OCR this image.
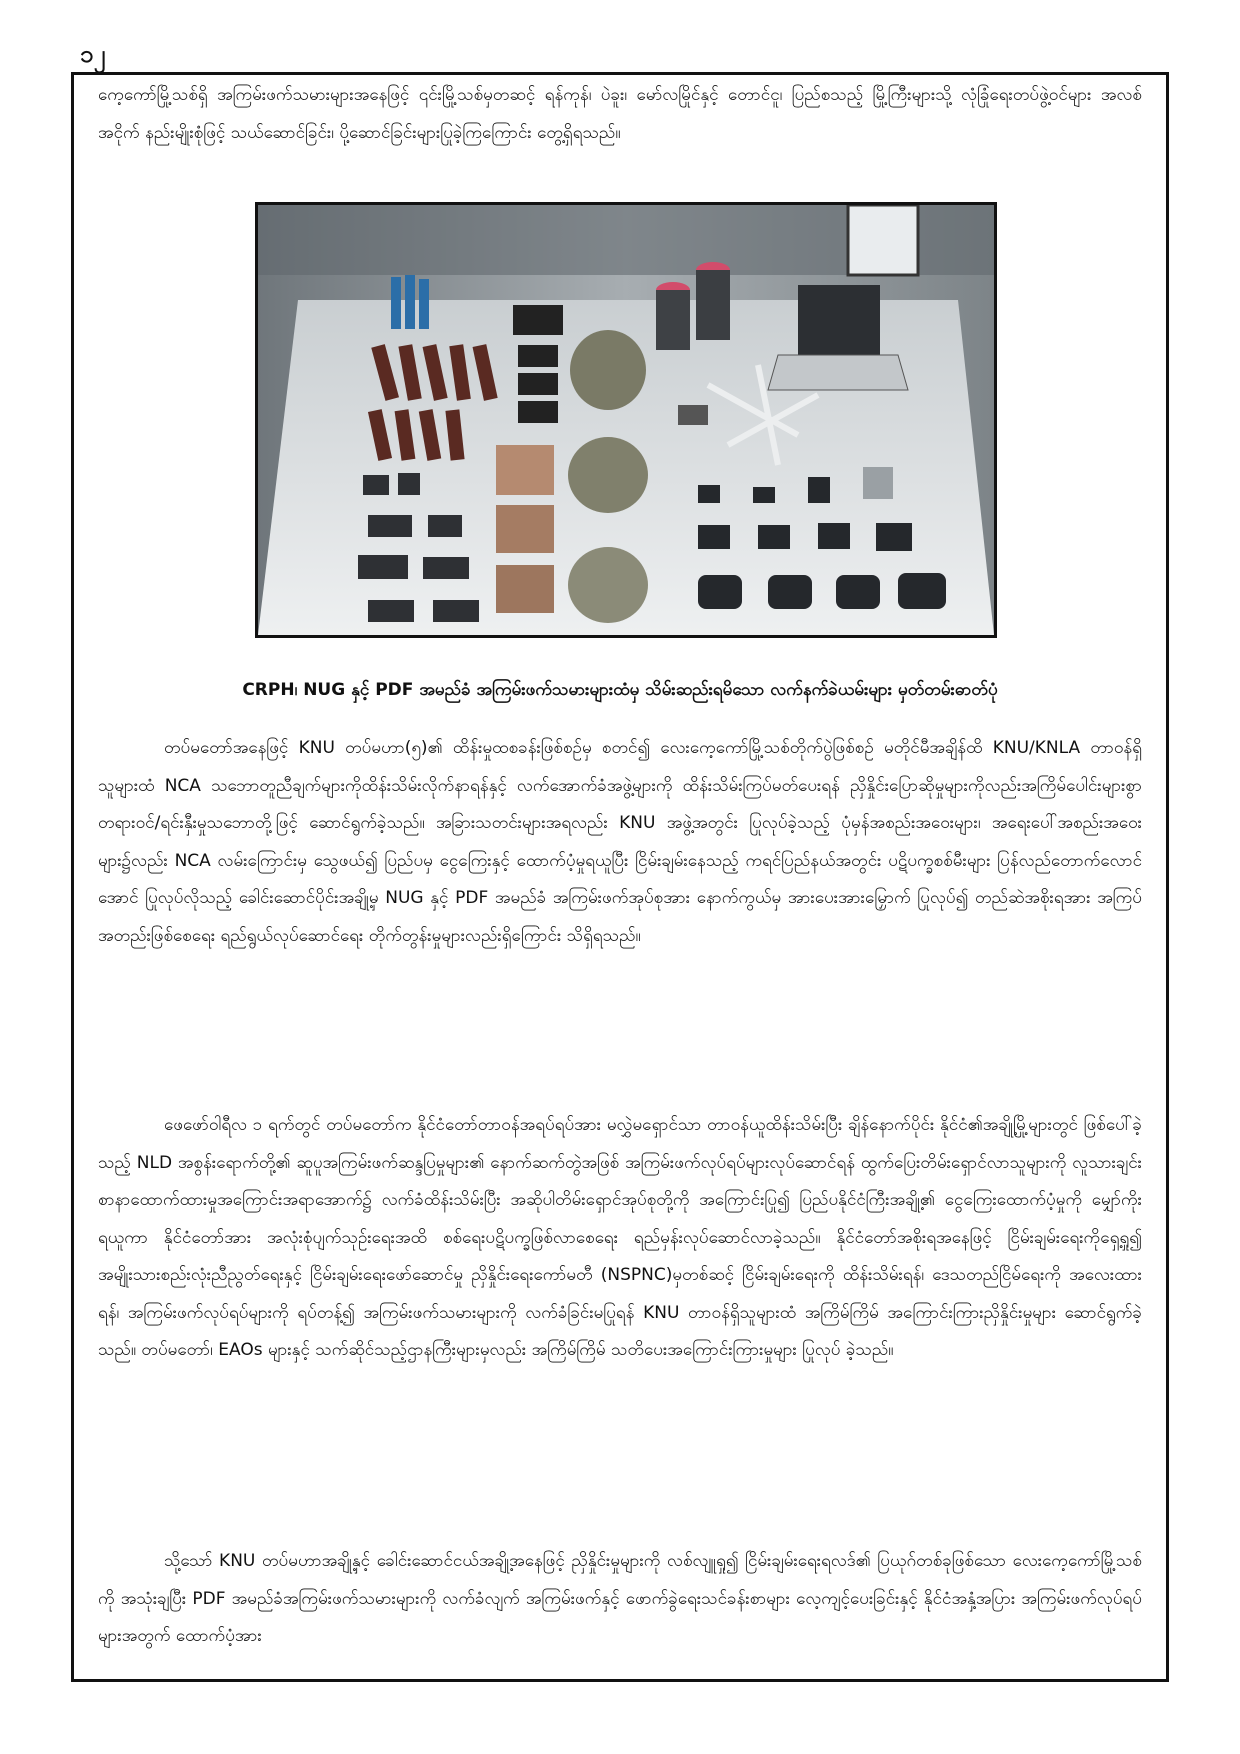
၁၂

ကေ့ကော်မြို့သစ်ရှိ အကြမ်းဖက်သမားများအနေဖြင့် ၎င်းမြို့သစ်မှတဆင့် ရန်ကုန်၊ ပဲခူး၊ မော်လမြိုင်နှင့် တောင်ငူ၊ ပြည်စသည့် မြို့ကြီးများသို့ လုံခြုံရေးတပ်ဖွဲ့ဝင်များ အလစ်အငိုက် နည်းမျိုးစုံဖြင့် သယ်ဆောင်ခြင်း၊ ပို့ဆောင်ခြင်းများပြုခဲ့ကြကြောင်း တွေ့ရှိရသည်။

CRPH၊ NUG နှင့် PDF အမည်ခံ အကြမ်းဖက်သမားများထံမှ သိမ်းဆည်းရမိသော လက်နက်ခဲယမ်းများ မှတ်တမ်းဓာတ်ပုံ

တပ်မတော်အနေဖြင့် KNU တပ်မဟာ(၅)၏ ထိန်းမှုထစခန်းဖြစ်စဉ်မှ စတင်၍ လေးကေ့ကော်မြို့သစ်တိုက်ပွဲဖြစ်စဉ် မတိုင်မီအချိန်ထိ KNU/KNLA တာဝန်ရှိသူများထံ NCA သဘောတူညီချက်များကိုထိန်းသိမ်းလိုက်နာရန်နှင့် လက်အောက်ခံအဖွဲ့များကို ထိန်းသိမ်းကြပ်မတ်ပေးရန် ညှိနှိုင်းပြောဆိုမှုများကိုလည်းအကြိမ်ပေါင်းများစွာ တရားဝင်/ရင်းနှီးမှုသဘောတို့ဖြင့် ဆောင်ရွက်ခဲ့သည်။ အခြားသတင်းများအရလည်း KNU အဖွဲ့အတွင်း ပြုလုပ်ခဲ့သည့် ပုံမှန်အစည်းအဝေးများ၊ အရေးပေါ်အစည်းအဝေးများ၌လည်း NCA လမ်းကြောင်းမှ သွေဖယ်၍ ပြည်ပမှ ငွေကြေးနှင့် ထောက်ပံ့မှုရယူပြီး ငြိမ်းချမ်းနေသည့် ကရင်ပြည်နယ်အတွင်း ပဋိပက္ခစစ်မီးများ ပြန်လည်တောက်လောင်အောင် ပြုလုပ်လိုသည့် ခေါင်းဆောင်ပိုင်းအချို့မှ NUG နှင့် PDF အမည်ခံ အကြမ်းဖက်အုပ်စုအား နောက်ကွယ်မှ အားပေးအားမြှောက် ပြုလုပ်၍ တည်ဆဲအစိုးရအား အကြပ်အတည်းဖြစ်စေရေး ရည်ရွယ်လုပ်ဆောင်ရေး တိုက်တွန်းမှုများလည်းရှိကြောင်း သိရှိရသည်။

ဖေဖော်ဝါရီလ ၁ ရက်တွင် တပ်မတော်က နိုင်ငံတော်တာဝန်အရပ်ရပ်အား မလွှဲမရှောင်သာ တာဝန်ယူထိန်းသိမ်းပြီး ချိန်နောက်ပိုင်း နိုင်ငံ၏အချို့မြို့များတွင် ဖြစ်ပေါ်ခဲ့သည့် NLD အစွန်းရောက်တို့၏ ဆူပူအကြမ်းဖက်ဆန္ဒပြမှုများ၏ နောက်ဆက်တွဲအဖြစ် အကြမ်းဖက်လုပ်ရပ်များလုပ်ဆောင်ရန် ထွက်ပြေးတိမ်းရှောင်လာသူများကို လူသားချင်း စာနာထောက်ထားမှုအကြောင်းအရာအောက်၌ လက်ခံထိန်းသိမ်းပြီး အဆိုပါတိမ်းရှောင်အုပ်စုတို့ကို အကြောင်းပြု၍ ပြည်ပနိုင်ငံကြီးအချို့၏ ငွေကြေးထောက်ပံ့မှုကို မျှော်ကိုးရယူကာ နိုင်ငံတော်အား အလုံးစုံပျက်သုဉ်းရေးအထိ စစ်ရေးပဋိပက္ခဖြစ်လာစေရေး ရည်မှန်းလုပ်ဆောင်လာခဲ့သည်။ နိုင်ငံတော်အစိုးရအနေဖြင့် ငြိမ်းချမ်းရေးကိုရှေ့ရှု၍ အမျိုးသားစည်းလုံးညီညွတ်ရေးနှင့် ငြိမ်းချမ်းရေးဖော်ဆောင်မှု ညှိနှိုင်းရေးကော်မတီ (NSPNC)မှတစ်ဆင့် ငြိမ်းချမ်းရေးကို ထိန်းသိမ်းရန်၊ ဒေသတည်ငြိမ်ရေးကို အလေးထားရန်၊ အကြမ်းဖက်လုပ်ရပ်များကို ရပ်တန့်၍ အကြမ်းဖက်သမားများကို လက်ခံခြင်းမပြုရန် KNU တာဝန်ရှိသူများထံ အကြိမ်ကြိမ် အကြောင်းကြားညှိနှိုင်းမှုများ ဆောင်ရွက်ခဲ့သည်။ တပ်မတော်၊ EAOs များနှင့် သက်ဆိုင်သည့်ဌာနကြီးများမှလည်း အကြိမ်ကြိမ် သတိပေးအကြောင်းကြားမှုများ ပြုလုပ် ခဲ့သည်။

သို့သော် KNU တပ်မဟာအချို့နှင့် ခေါင်းဆောင်ငယ်အချို့အနေဖြင့် ညှိနှိုင်းမှုများကို လစ်လျူရှု၍ ငြိမ်းချမ်းရေးရလဒ်၏ ပြယုဂ်တစ်ခုဖြစ်သော လေးကေ့ကော်မြို့သစ်ကို အသုံးချပြီး PDF အမည်ခံအကြမ်းဖက်သမားများကို လက်ခံလျက် အကြမ်းဖက်နှင့် ဖောက်ခွဲရေးသင်ခန်းစာများ လေ့ကျင့်ပေးခြင်းနှင့် နိုင်ငံအနှံ့အပြား အကြမ်းဖက်လုပ်ရပ်များအတွက် ထောက်ပံ့အား
